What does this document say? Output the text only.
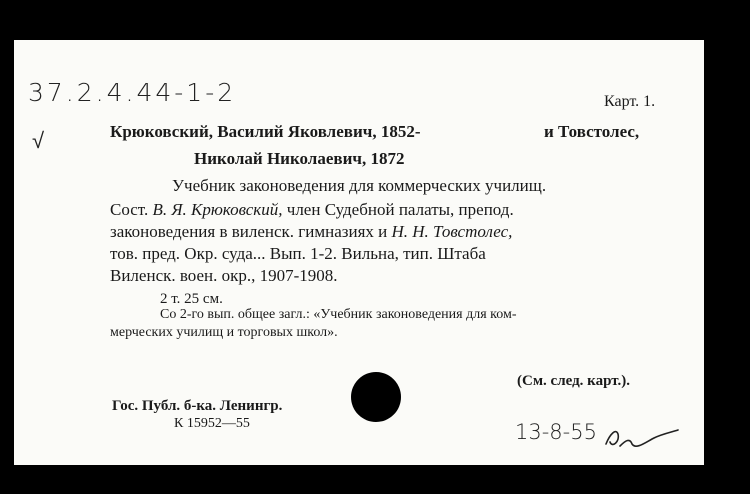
37.2.4.44-1-2
√
Карт. 1.
Крюковский, Василий Яковлевич, 1852-	и Товстолес,
Николай Николаевич, 1872
Учебник законоведения для коммерческих училищ.
Сост. В. Я. Крюковский, член Судебной палаты, препод.
законоведения в виленск. гимназиях и Н. Н. Товстолес,
тов. пред. Окр. суда... Вып. 1-2. Вильна, тип. Штаба
Виленск. воен. окр., 1907-1908.
2 т. 25 см.
Со 2-го вып. общее загл.: «Учебник законоведения для ком-
мерческих училищ и торговых школ».
(См. след. карт.).
Гос. Публ. б-ка. Ленингр.
К 15952—55	13-8-55
